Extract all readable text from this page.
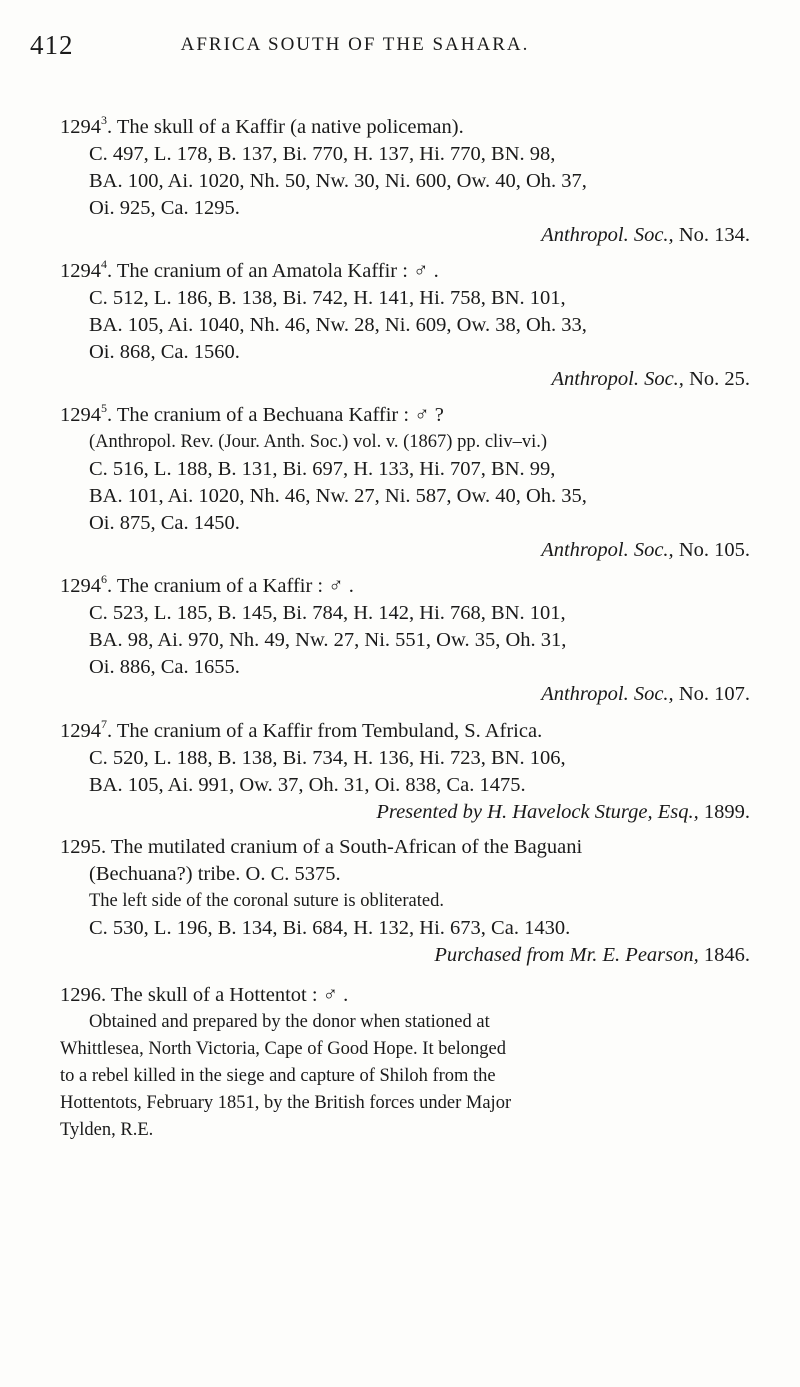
412	AFRICA SOUTH OF THE SAHARA.
1294$^3$. The skull of a Kaffir (a native policeman).
C. 497, L. 178, B. 137, Bi. 770, H. 137, Hi. 770, BN. 98,
BA. 100, Ai. 1020, Nh. 50, Nw. 30, Ni. 600, Ow. 40, Oh. 37,
Oi. 925, Ca. 1295.
Anthropol. Soc., No. 134.
1294$^4$. The cranium of an Amatola Kaffir : ♂ .
C. 512, L. 186, B. 138, Bi. 742, H. 141, Hi. 758, BN. 101,
BA. 105, Ai. 1040, Nh. 46, Nw. 28, Ni. 609, Ow. 38, Oh. 33,
Oi. 868, Ca. 1560.
Anthropol. Soc., No. 25.
1294$^5$. The cranium of a Bechuana Kaffir : ♂ ?
(Anthropol. Rev. (Jour. Anth. Soc.) vol. v. (1867) pp. cliv–vi.)
C. 516, L. 188, B. 131, Bi. 697, H. 133, Hi. 707, BN. 99,
BA. 101, Ai. 1020, Nh. 46, Nw. 27, Ni. 587, Ow. 40, Oh. 35,
Oi. 875, Ca. 1450.
Anthropol. Soc., No. 105.
1294$^6$. The cranium of a Kaffir : ♂ .
C. 523, L. 185, B. 145, Bi. 784, H. 142, Hi. 768, BN. 101,
BA. 98, Ai. 970, Nh. 49, Nw. 27, Ni. 551, Ow. 35, Oh. 31,
Oi. 886, Ca. 1655.
Anthropol. Soc., No. 107.
1294$^7$. The cranium of a Kaffir from Tembuland, S. Africa.
C. 520, L. 188, B. 138, Bi. 734, H. 136, Hi. 723, BN. 106,
BA. 105, Ai. 991, Ow. 37, Oh. 31, Oi. 838, Ca. 1475.
Presented by H. Havelock Sturge, Esq., 1899.
1295. The mutilated cranium of a South-African of the Baguani
(Bechuana?) tribe. O. C. 5375.
The left side of the coronal suture is obliterated.
C. 530, L. 196, B. 134, Bi. 684, H. 132, Hi. 673, Ca. 1430.
Purchased from Mr. E. Pearson, 1846.
1296. The skull of a Hottentot : ♂ .
Obtained and prepared by the donor when stationed at
Whittlesea, North Victoria, Cape of Good Hope. It belonged
to a rebel killed in the siege and capture of Shiloh from the
Hottentots, February 1851, by the British forces under Major
Tylden, R.E.
